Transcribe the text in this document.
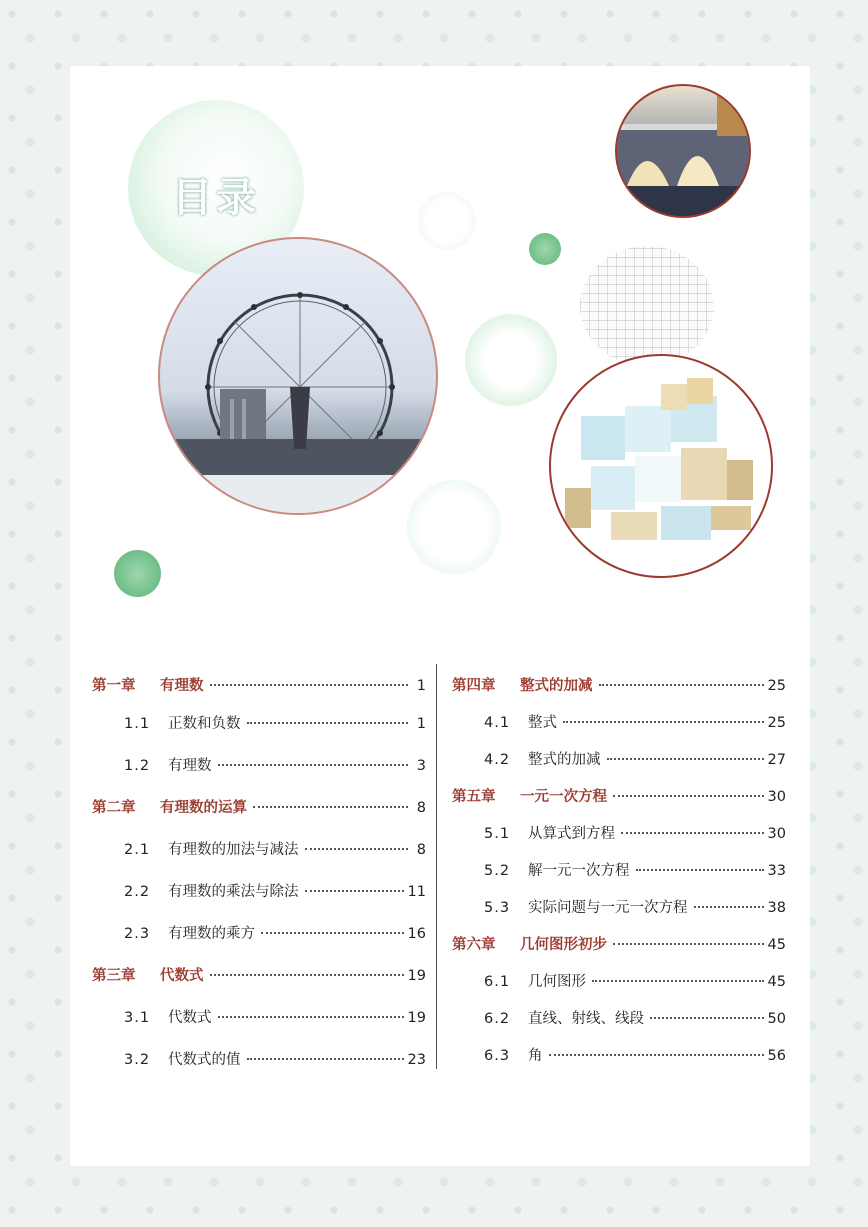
目录
第一章	有理数	1
1.1	正数和负数	1
1.2	有理数	3
第二章	有理数的运算	8
2.1	有理数的加法与减法	8
2.2	有理数的乘法与除法	11
2.3	有理数的乘方	16
第三章	代数式	19
3.1	代数式	19
3.2	代数式的值	23
第四章	整式的加减	25
4.1	整式	25
4.2	整式的加减	27
第五章	一元一次方程	30
5.1	从算式到方程	30
5.2	解一元一次方程	33
5.3	实际问题与一元一次方程	38
第六章	几何图形初步	45
6.1	几何图形	45
6.2	直线、射线、线段	50
6.3	角	56
